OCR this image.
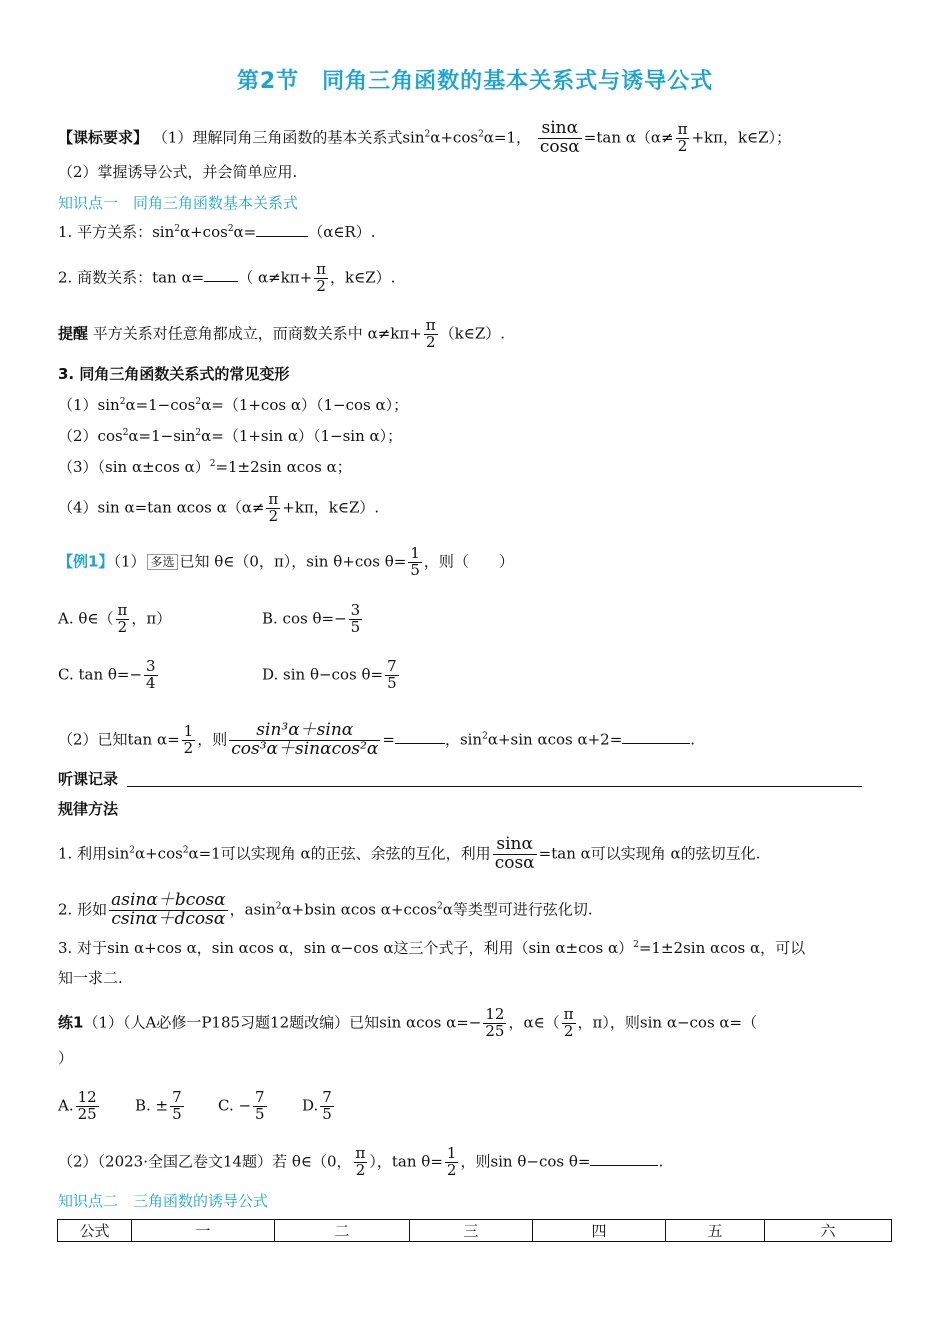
第2节　同角三角函数的基本关系式与诱导公式
【课标要求】 （1）理解同角三角函数的基本关系式$\sin^2\alpha+\cos^2\alpha=1$， $\frac{\sin\alpha}{\cos\alpha} =\tan$ $\alpha(\alpha\ne \frac{\pi}{2} +k\pi$，k∈Z）；
（2）掌握诱导公式，并会简单应用.
知识点一　同角三角函数基本关系式
1. 平方关系：$\sin^2\alpha+\cos^2\alpha=$	（α∈R）.
2. 商数关系：tan α= （ $\alpha\ne k\pi+ \frac{\pi}{2}$ ，k∈Z）.
提醒 平方关系对任意角都成立，而商数关系中 $\alpha\ne k\pi+ \frac{\pi}{2}$ （k∈Z）.
3. 同角三角函数关系式的常见变形
$(1)\sin^2\alpha=1-\cos^2\alpha=(1+\cos$ α）（1−cos α）；
$(2)\cos^2\alpha=1-\sin^2\alpha=(1+\sin$ α）（1−sin α）；
（3）（sin α±cos α）$^2$=1±2sin αcos α；
（4）sin α=tan αcos $\alpha(\alpha\ne \frac{\pi}{2} +k\pi$，k∈Z）.
【例1】（1） 多选 已知 θ∈（0，π），sin θ+cos $\theta= \frac{1}{5}$ ，则（　　）
A. θ∈（ $\frac{\pi}{2}$ ，π）	B. $\cos \theta=- \frac{3}{5}$
C. $\tan \theta=- \frac{3}{4}$	D. sin θ−cos $\theta= \frac{7}{5}$
（2）已知$\tan \alpha= \frac{1}{2}$ ，则 $\frac{\text{sin³α＋sinα}}{\text{cos³α＋sinαcos²α}}$ =	，$\sin^2\alpha+\sin$ αcos α+2=	.
听课记录
规律方法
1. 利用$\sin^2\alpha+\cos^2\alpha=1$可以实现角 α的正弦、余弦的互化，利用 $\frac{\sin\alpha}{\cos\alpha} =\tan$ α可以实现角 α的弦切互化.
2. 形如 $\frac{asin\alpha+bcos\alpha}{csin\alpha+dcos\alpha}$ ，asin$^2$α+bsin αcos α+ccos$^2$α等类型可进行弦化切.
3. 对于sin α+cos α，sin αcos α，sin α−cos α这三个式子，利用（sin α±cos α）$^2$=1±2sin αcos α，可以
知一求二.
练1（1）（人A必修一P185习题12题改编）已知sin αcos $\alpha=- \frac{12}{25}$ ，α∈（ $\frac{\pi}{2}$ ，π），则sin α−cos α=（
）
A. $\frac{12}{25} B$. ± $\frac{7}{5} C$. − $\frac{7}{5} D$. $\frac{7}{5}$
（2）（2023·全国乙卷文14题）若 θ∈（0， $\frac{\pi}{2}$ ），$\tan \theta= \frac{1}{2}$ ，则sin θ−cos θ=	.
知识点二　三角函数的诱导公式
公式	一	二	三	四	五	六
